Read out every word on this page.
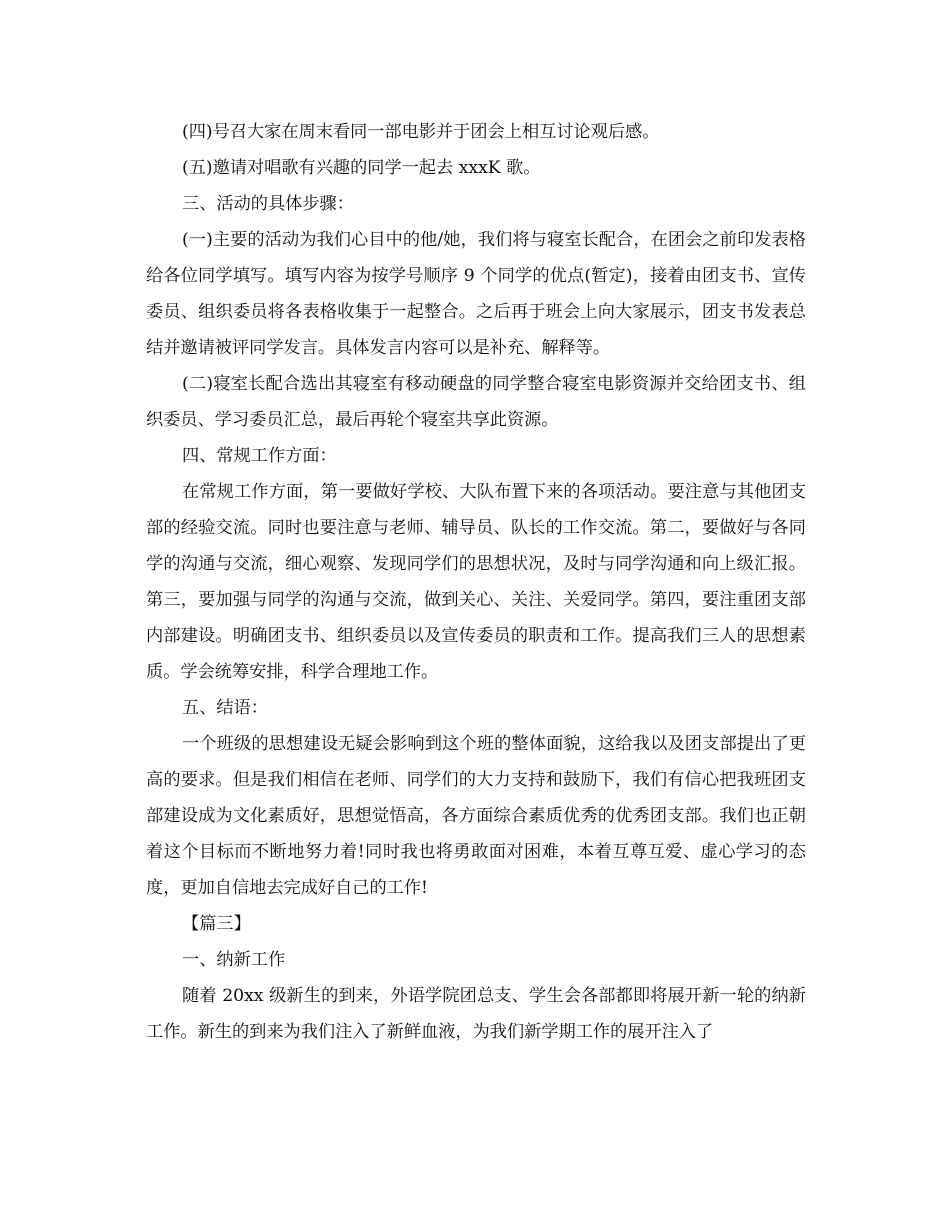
(四)号召大家在周末看同一部电影并于团会上相互讨论观后感。

(五)邀请对唱歌有兴趣的同学一起去 xxxK 歌。

三、活动的具体步骤：

(一)主要的活动为我们心目中的他/她，我们将与寝室长配合，在团会之前印发表格给各位同学填写。填写内容为按学号顺序 9 个同学的优点(暂定)，接着由团支书、宣传委员、组织委员将各表格收集于一起整合。之后再于班会上向大家展示，团支书发表总结并邀请被评同学发言。具体发言内容可以是补充、解释等。

(二)寝室长配合选出其寝室有移动硬盘的同学整合寝室电影资源并交给团支书、组织委员、学习委员汇总，最后再轮个寝室共享此资源。

四、常规工作方面：

在常规工作方面，第一要做好学校、大队布置下来的各项活动。要注意与其他团支部的经验交流。同时也要注意与老师、辅导员、队长的工作交流。第二，要做好与各同学的沟通与交流，细心观察、发现同学们的思想状况，及时与同学沟通和向上级汇报。第三，要加强与同学的沟通与交流，做到关心、关注、关爱同学。第四，要注重团支部内部建设。明确团支书、组织委员以及宣传委员的职责和工作。提高我们三人的思想素质。学会统筹安排，科学合理地工作。

五、结语：

一个班级的思想建设无疑会影响到这个班的整体面貌，这给我以及团支部提出了更高的要求。但是我们相信在老师、同学们的大力支持和鼓励下，我们有信心把我班团支部建设成为文化素质好，思想觉悟高，各方面综合素质优秀的优秀团支部。我们也正朝着这个目标而不断地努力着!同时我也将勇敢面对困难，本着互尊互爱、虚心学习的态度，更加自信地去完成好自己的工作!

【篇三】

一、纳新工作

随着 20xx 级新生的到来，外语学院团总支、学生会各部都即将展开新一轮的纳新工作。新生的到来为我们注入了新鲜血液，为我们新学期工作的展开注入了
